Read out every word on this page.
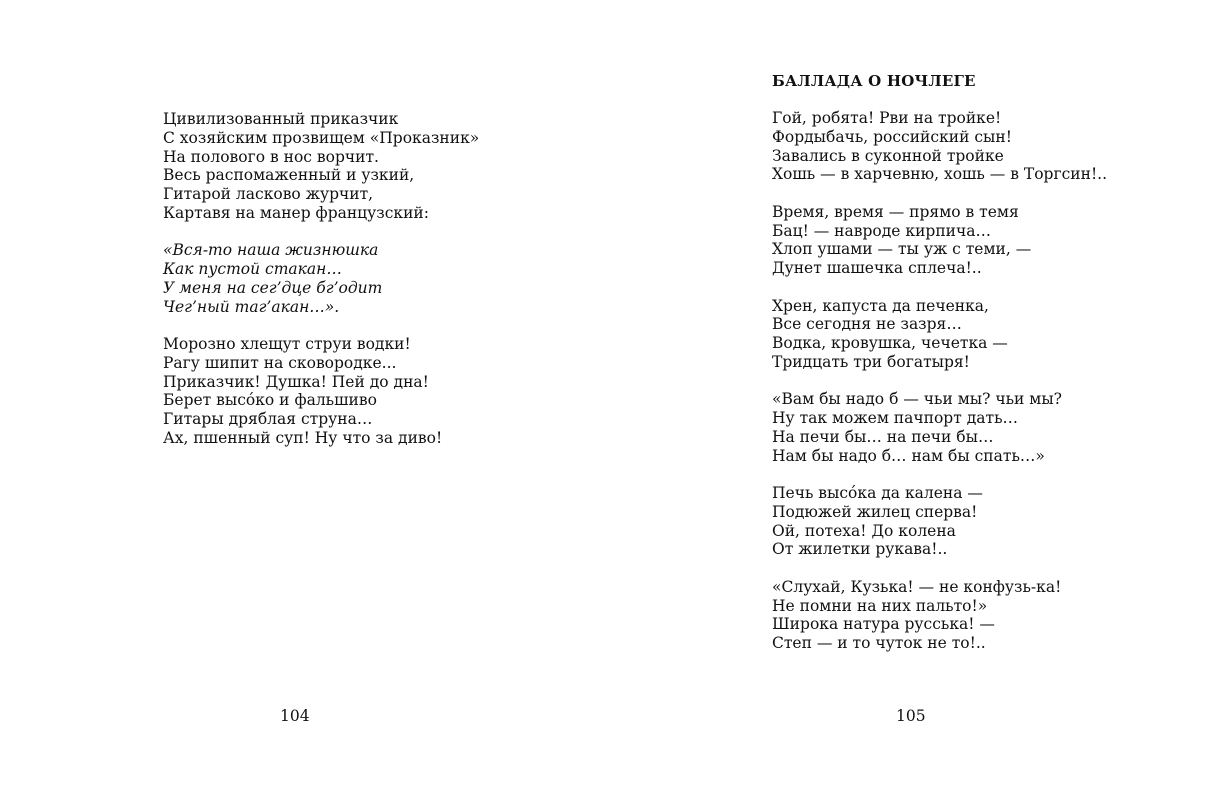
Цивилизованный приказчик
С хозяйским прозвищем «Проказник»
На полового в нос ворчит.
Весь распомаженный и узкий,
Гитарой ласково журчит,
Картавя на манер французский:
«Вся-то наша жизнюшка
Как пустой стакан…
У меня на сег’дце бг’одит
Чег’ный таг’акан…».
Морозно хлещут струи водки!
Рагу шипит на сковородке...
Приказчик! Душка! Пей до дна!
Берет высо́ко и фальшиво
Гитары дряблая струна…
Ах, пшенный суп! Ну что за диво!
104
БАЛЛАДА О НОЧЛЕГЕ
Гой, робята! Рви на тройке!
Фордыбачь, российский сын!
Завались в суконной тройке
Хошь — в харчевню, хошь — в Торгсин!..
Время, время — прямо в темя
Бац! — навроде кирпича…
Хлоп ушами — ты уж с теми, —
Дунет шашечка сплеча!..
Хрен, капуста да печенка,
Все сегодня не зазря…
Водка, кровушка, чечетка —
Тридцать три богатыря!
«Вам бы надо б — чьи мы? чьи мы?
Ну так можем пачпорт дать…
На печи бы… на печи бы…
Нам бы надо б… нам бы спать…»
Печь высо́ка да калена —
Подюжей жилец сперва!
Ой, потеха! До колена
От жилетки рукава!..
«Слухай, Кузька! — не конфузь-ка!
Не помни на них пальто!»
Широка натура русська! —
Степ — и то чуток не то!..
105
